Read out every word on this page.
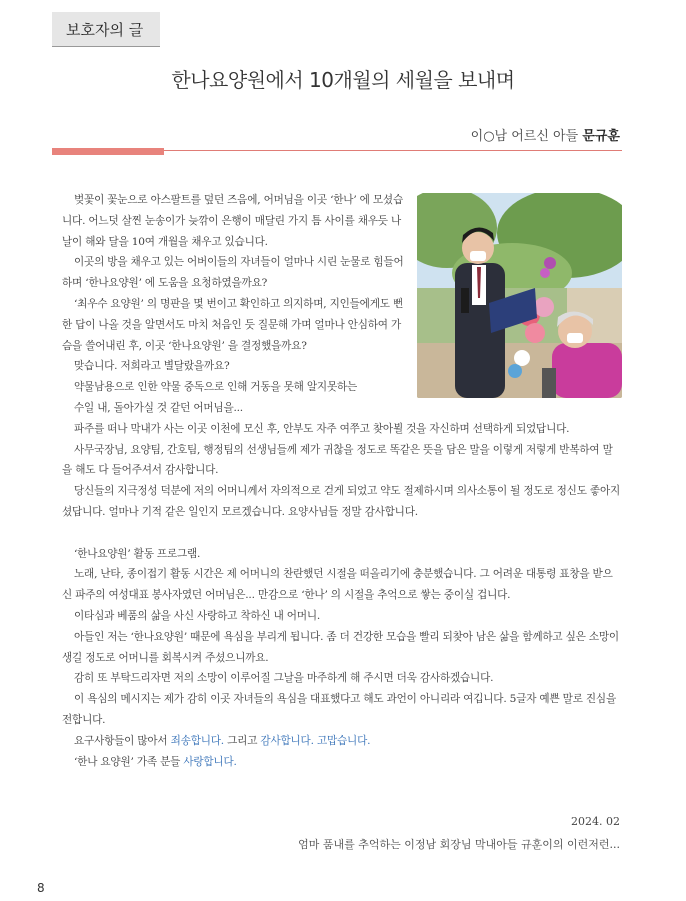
보호자의 글
한나요양원에서 10개월의 세월을 보내며
이○남 어르신 아들 문규훈

벚꽃이 꽃눈으로 아스팔트를 덮던 즈음에, 어머님을 이곳 ‘한나’ 에 모셨습니다. 어느덧 살찐 눈송이가 늦깎이 은행이 매달린 가지 틈 사이를 채우듯 나날이 해와 달을 10여 개월을 채우고 있습니다.

이곳의 방을 채우고 있는 어버이들의 자녀들이 얼마나 시린 눈물로 힘들어하며 ‘한나요양원’ 에 도움을 요청하였을까요?

‘최우수 요양원’ 의 명판을 몇 번이고 확인하고 의지하며, 지인들에게도 뻔한 답이 나올 것을 알면서도 마치 처음인 듯 질문해 가며 얼마나 안심하여 가슴을 쓸어내린 후, 이곳 ‘한나요양원’ 을 결정했을까요?

맞습니다. 저희라고 별달랐을까요?

약물남용으로 인한 약물 중독으로 인해 거동을 못해 알지못하는

수일 내, 돌아가실 것 같던 어머님을...

파주를 떠나 막내가 사는 이곳 이천에 모신 후, 안부도 자주 여쭈고 찾아뵐 것을 자신하며 선택하게 되었답니다.

사무국장님, 요양팀, 간호팀, 행정팀의 선생님들께 제가 귀찮을 정도로 똑같은 뜻을 담은 말을 이렇게 저렇게 반복하여 말을 해도 다 들어주셔서 감사합니다.

당신들의 지극정성 덕분에 저의 어머니께서 자의적으로 걷게 되었고 약도 절제하시며 의사소통이 될 정도로 정신도 좋아지셨답니다. 얼마나 기적 같은 일인지 모르겠습니다. 요양사님들 정말 감사합니다.

‘한나요양원’ 활동 프로그램.

노래, 난타, 종이접기 활동 시간은 제 어머니의 찬란했던 시절을 떠올리기에 충분했습니다. 그 어려운 대통령 표창을 받으신 파주의 여성대표 봉사자였던 어머님은... 만감으로 ‘한나’ 의 시절을 추억으로 쌓는 중이실 겁니다.

이타심과 베품의 삶을 사신 사랑하고 착하신 내 어머니.

아들인 저는 ‘한나요양원’ 때문에 욕심을 부리게 됩니다. 좀 더 건강한 모습을 빨리 되찾아 남은 삶을 함께하고 싶은 소망이 생길 정도로 어머니를 회복시켜 주셨으니까요.

감히 또 부탁드리자면 저의 소망이 이루어질 그날을 마주하게 해 주시면 더욱 감사하겠습니다.

이 욕심의 메시지는 제가 감히 이곳 자녀들의 욕심을 대표했다고 해도 과언이 아니리라 여깁니다. 5글자 예쁜 말로 진심을 전합니다.

요구사항들이 많아서 죄송합니다. 그리고 감사합니다. 고맙습니다.

‘한나 요양원’ 가족 분들 사랑합니다.

2024. 02
엄마 품내를 추억하는 이정남 회장님 막내아들 규훈이의 이런저런...
8
